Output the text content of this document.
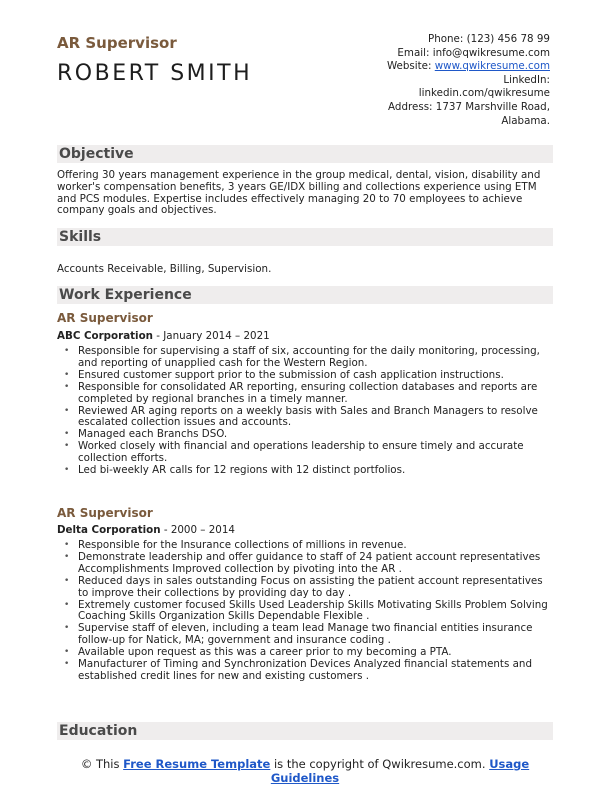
AR Supervisor
ROBERT SMITH
Phone: (123) 456 78 99
Email: info@qwikresume.com
Website: www.qwikresume.com
LinkedIn:
linkedin.com/qwikresume
Address: 1737 Marshville Road,
Alabama.
Objective
Offering 30 years management experience in the group medical, dental, vision, disability and worker's compensation benefits, 3 years GE/IDX billing and collections experience using ETM and PCS modules. Expertise includes effectively managing 20 to 70 employees to achieve company goals and objectives.
Skills
Accounts Receivable, Billing, Supervision.
Work Experience
AR Supervisor
ABC Corporation - January 2014 – 2021
• Responsible for supervising a staff of six, accounting for the daily monitoring, processing, and reporting of unapplied cash for the Western Region.
• Ensured customer support prior to the submission of cash application instructions.
• Responsible for consolidated AR reporting, ensuring collection databases and reports are completed by regional branches in a timely manner.
• Reviewed AR aging reports on a weekly basis with Sales and Branch Managers to resolve escalated collection issues and accounts.
• Managed each Branchs DSO.
• Worked closely with financial and operations leadership to ensure timely and accurate collection efforts.
• Led bi-weekly AR calls for 12 regions with 12 distinct portfolios.
AR Supervisor
Delta Corporation - 2000 – 2014
• Responsible for the Insurance collections of millions in revenue.
• Demonstrate leadership and offer guidance to staff of 24 patient account representatives Accomplishments Improved collection by pivoting into the AR .
• Reduced days in sales outstanding Focus on assisting the patient account representatives to improve their collections by providing day to day .
• Extremely customer focused Skills Used Leadership Skills Motivating Skills Problem Solving Coaching Skills Organization Skills Dependable Flexible .
• Supervise staff of eleven, including a team lead Manage two financial entities insurance follow-up for Natick, MA; government and insurance coding .
• Available upon request as this was a career prior to my becoming a PTA.
• Manufacturer of Timing and Synchronization Devices Analyzed financial statements and established credit lines for new and existing customers .
Education
© This Free Resume Template is the copyright of Qwikresume.com. Usage Guidelines
